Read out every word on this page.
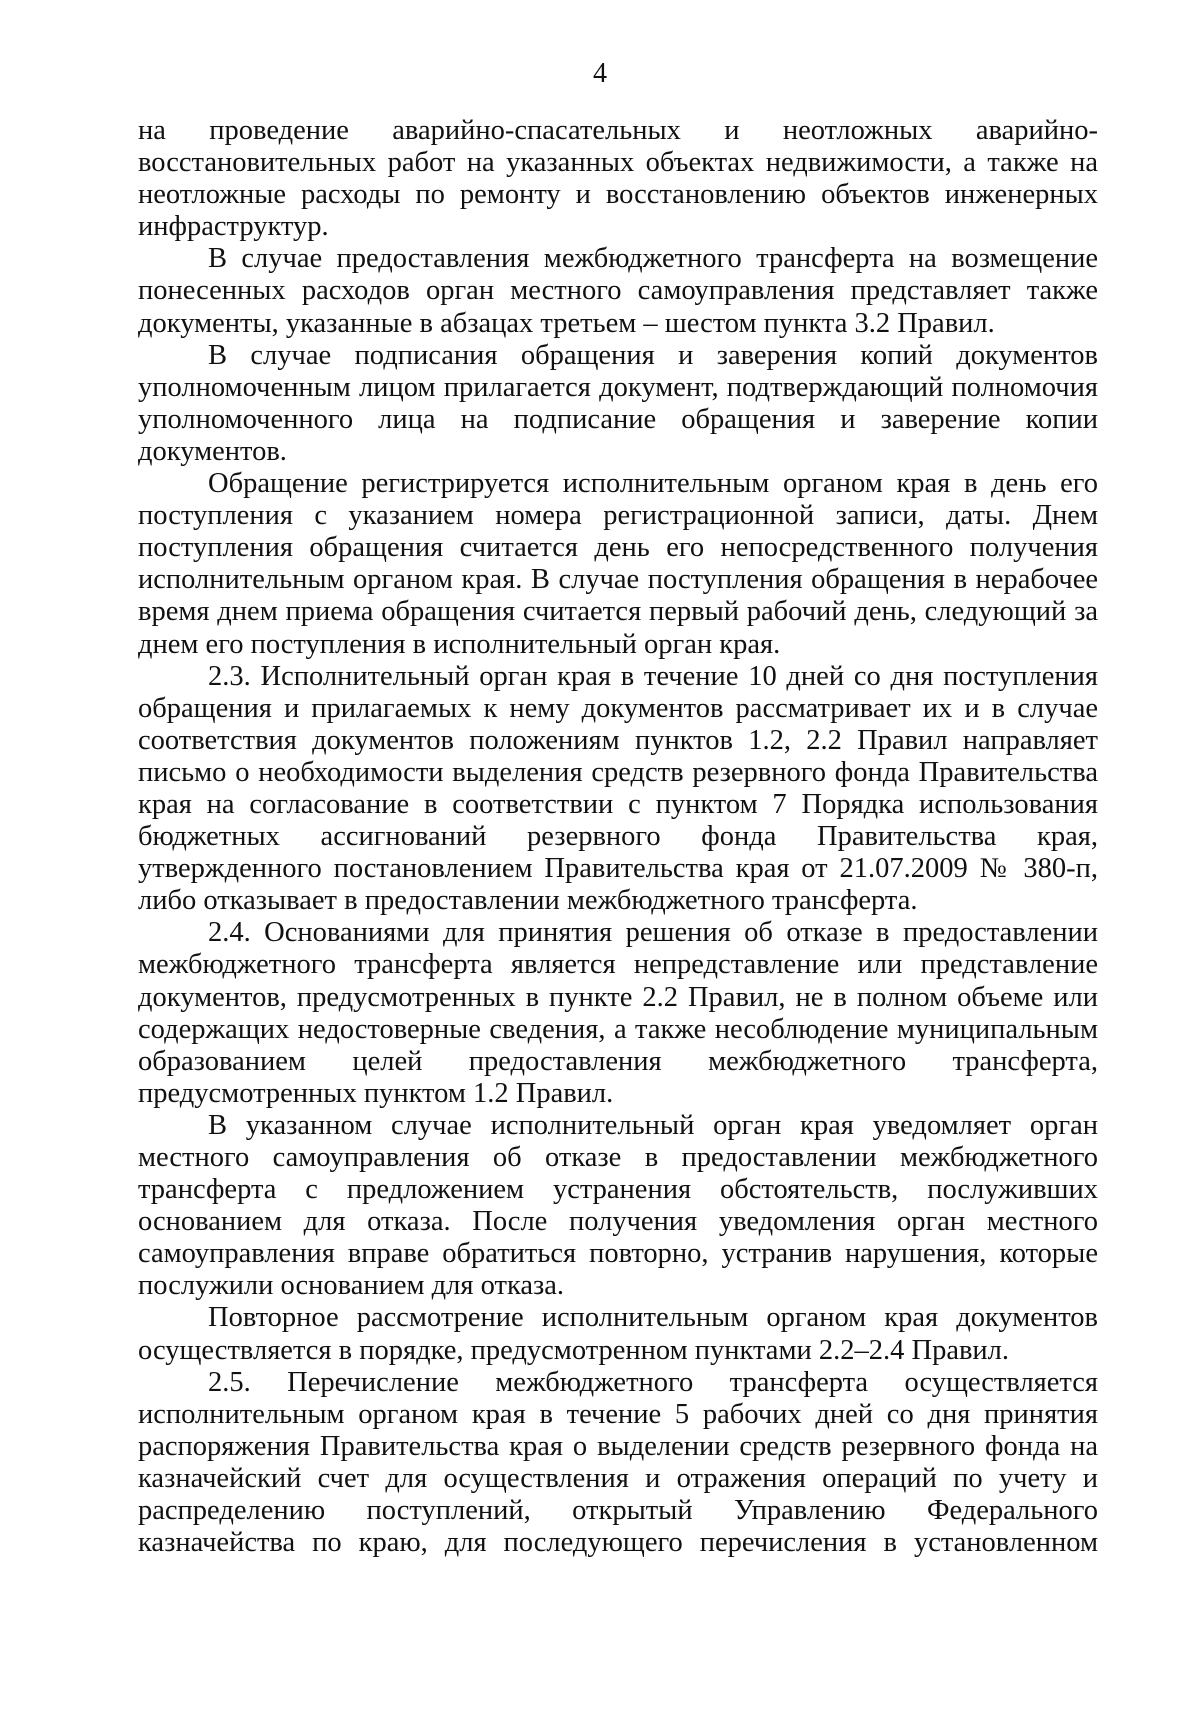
4

на проведение аварийно-спасательных и неотложных аварийно-восстановительных работ на указанных объектах недвижимости, а также на неотложные расходы по ремонту и восстановлению объектов инженерных инфраструктур.

В случае предоставления межбюджетного трансферта на возмещение понесенных расходов орган местного самоуправления представляет также документы, указанные в абзацах третьем – шестом пункта 3.2 Правил.

В случае подписания обращения и заверения копий документов уполномоченным лицом прилагается документ, подтверждающий полномочия уполномоченного лица на подписание обращения и заверение копии документов.

Обращение регистрируется исполнительным органом края в день его поступления с указанием номера регистрационной записи, даты. Днем поступления обращения считается день его непосредственного получения исполнительным органом края. В случае поступления обращения в нерабочее время днем приема обращения считается первый рабочий день, следующий за днем его поступления в исполнительный орган края.

2.3. Исполнительный орган края в течение 10 дней со дня поступления обращения и прилагаемых к нему документов рассматривает их и в случае соответствия документов положениям пунктов 1.2, 2.2 Правил направляет письмо о необходимости выделения средств резервного фонда Правительства края на согласование в соответствии с пунктом 7 Порядка использования бюджетных ассигнований резервного фонда Правительства края, утвержденного постановлением Правительства края от 21.07.2009 № 380-п, либо отказывает в предоставлении межбюджетного трансферта.

2.4. Основаниями для принятия решения об отказе в предоставлении межбюджетного трансферта является непредставление или представление документов, предусмотренных в пункте 2.2 Правил, не в полном объеме или содержащих недостоверные сведения, а также несоблюдение муниципальным образованием целей предоставления межбюджетного трансферта, предусмотренных пунктом 1.2 Правил.

В указанном случае исполнительный орган края уведомляет орган местного самоуправления об отказе в предоставлении межбюджетного трансферта с предложением устранения обстоятельств, послуживших основанием для отказа. После получения уведомления орган местного самоуправления вправе обратиться повторно, устранив нарушения, которые послужили основанием для отказа.

Повторное рассмотрение исполнительным органом края документов осуществляется в порядке, предусмотренном пунктами 2.2–2.4 Правил.

2.5. Перечисление межбюджетного трансферта осуществляется исполнительным органом края в течение 5 рабочих дней со дня принятия распоряжения Правительства края о выделении средств резервного фонда на казначейский счет для осуществления и отражения операций по учету и распределению поступлений, открытый Управлению Федерального казначейства по краю, для последующего перечисления в установленном
